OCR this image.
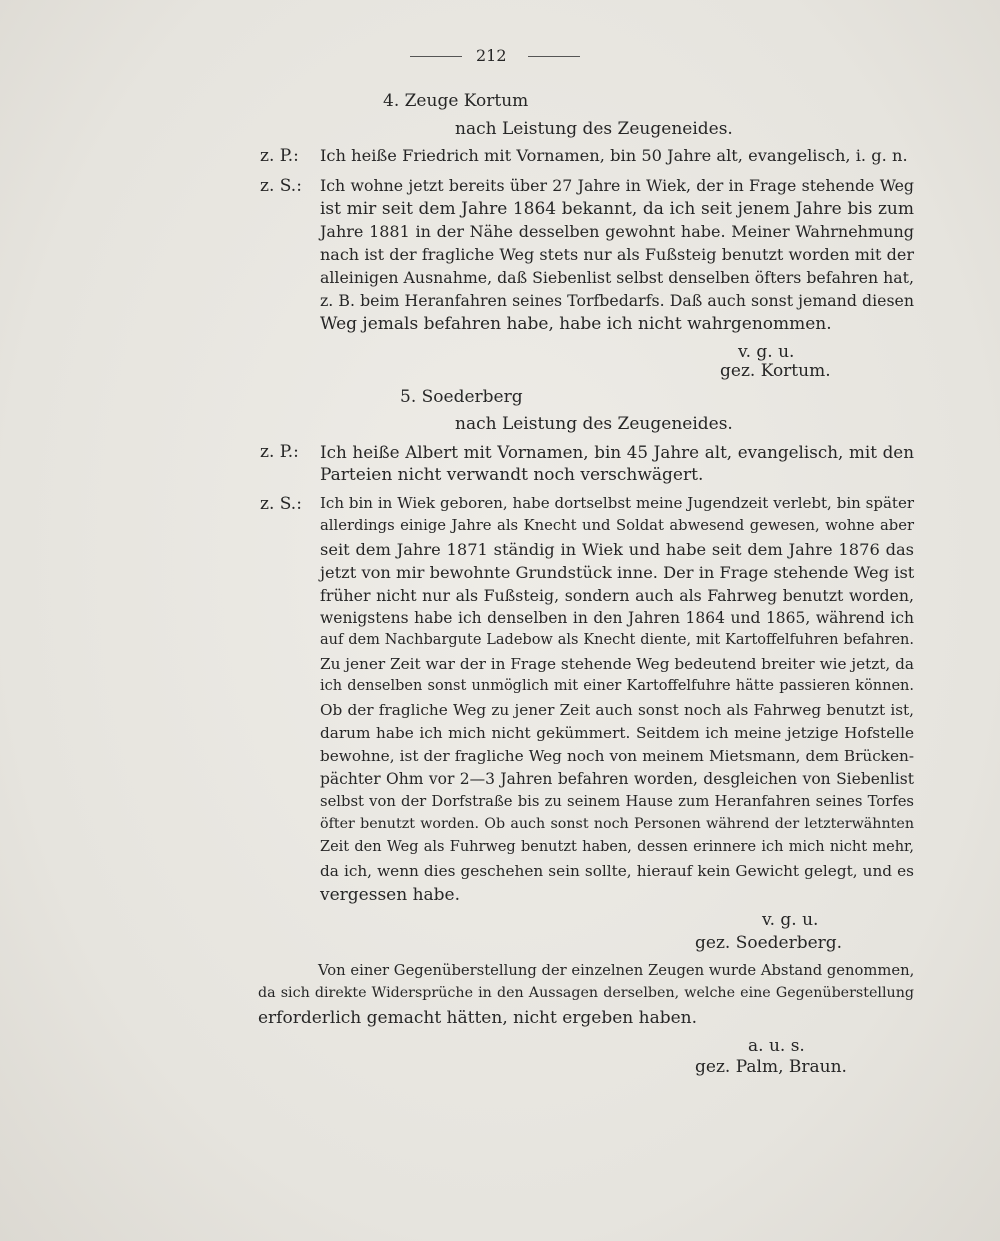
212
4. Zeuge Kortum
nach Leistung des Zeugeneides.
z. P.: Ich heiße Friedrich mit Vornamen, bin 50 Jahre alt, evangelisch, i. g. n.
z. S.: Ich wohne jetzt bereits über 27 Jahre in Wiek, der in Frage stehende Weg
ist mir seit dem Jahre 1864 bekannt, da ich seit jenem Jahre bis zum
Jahre 1881 in der Nähe desselben gewohnt habe. Meiner Wahrnehmung
nach ist der fragliche Weg stets nur als Fußsteig benutzt worden mit der
alleinigen Ausnahme, daß Siebenlist selbst denselben öfters befahren hat,
z. B. beim Heranfahren seines Torfbedarfs. Daß auch sonst jemand diesen
Weg jemals befahren habe, habe ich nicht wahrgenommen.
v. g. u.
gez. Kortum.
5. Soederberg
nach Leistung des Zeugeneides.
z. P.: Ich heiße Albert mit Vornamen, bin 45 Jahre alt, evangelisch, mit den
Parteien nicht verwandt noch verschwägert.
z. S.: Ich bin in Wiek geboren, habe dortselbst meine Jugendzeit verlebt, bin später
allerdings einige Jahre als Knecht und Soldat abwesend gewesen, wohne aber
seit dem Jahre 1871 ständig in Wiek und habe seit dem Jahre 1876 das
jetzt von mir bewohnte Grundstück inne. Der in Frage stehende Weg ist
früher nicht nur als Fußsteig, sondern auch als Fahrweg benutzt worden,
wenigstens habe ich denselben in den Jahren 1864 und 1865, während ich
auf dem Nachbargute Ladebow als Knecht diente, mit Kartoffelfuhren befahren.
Zu jener Zeit war der in Frage stehende Weg bedeutend breiter wie jetzt, da
ich denselben sonst unmöglich mit einer Kartoffelfuhre hätte passieren können.
Ob der fragliche Weg zu jener Zeit auch sonst noch als Fahrweg benutzt ist,
darum habe ich mich nicht gekümmert. Seitdem ich meine jetzige Hofstelle
bewohne, ist der fragliche Weg noch von meinem Mietsmann, dem Brücken-
pächter Ohm vor 2—3 Jahren befahren worden, desgleichen von Siebenlist
selbst von der Dorfstraße bis zu seinem Hause zum Heranfahren seines Torfes
öfter benutzt worden. Ob auch sonst noch Personen während der letzterwähnten
Zeit den Weg als Fuhrweg benutzt haben, dessen erinnere ich mich nicht mehr,
da ich, wenn dies geschehen sein sollte, hierauf kein Gewicht gelegt, und es
vergessen habe.
v. g. u.
gez. Soederberg.
Von einer Gegenüberstellung der einzelnen Zeugen wurde Abstand genommen,
da sich direkte Widersprüche in den Aussagen derselben, welche eine Gegenüberstellung
erforderlich gemacht hätten, nicht ergeben haben.
a. u. s.
gez. Palm, Braun.
